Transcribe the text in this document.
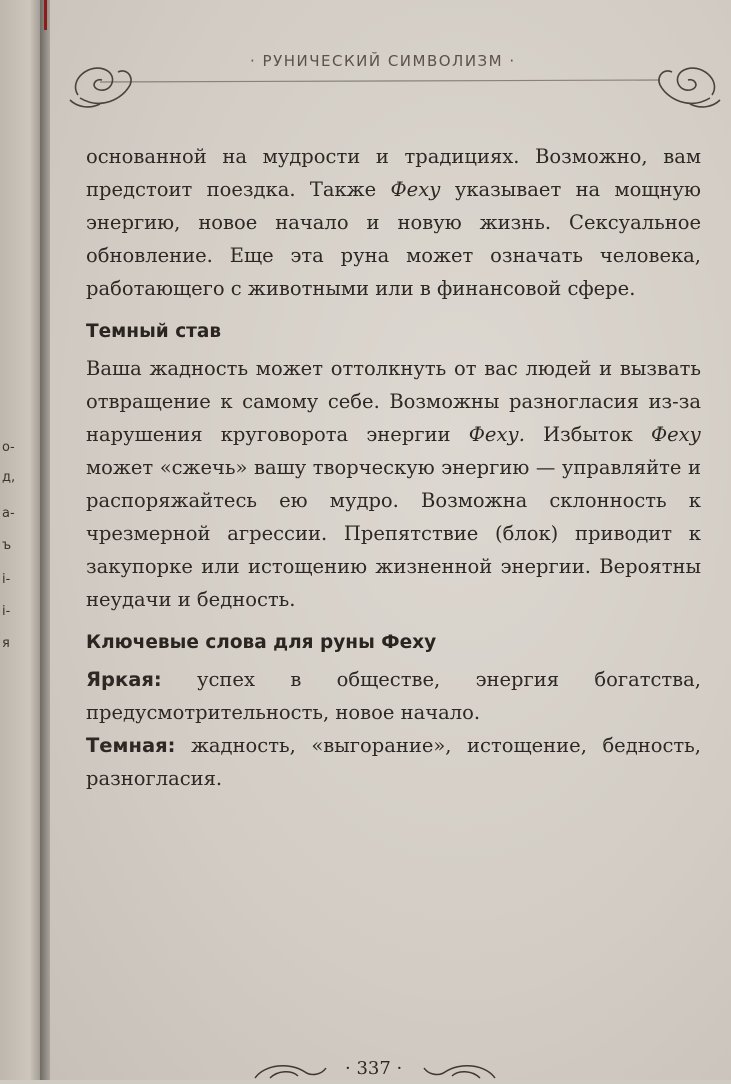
о-
д,
а-
ъ
і-
і-
я
· РУНИЧЕСКИЙ СИМВОЛИЗМ ·

основанной на мудрости и традициях. Возможно, вам предстоит поездка. Также Феху указывает на мощную энергию, новое начало и новую жизнь. Сексуальное обновление. Еще эта руна может означать человека, работающего с животными или в финансовой сфере.

Темный став

Ваша жадность может оттолкнуть от вас людей и вызвать отвращение к самому себе. Возможны разногласия из-за нарушения круговорота энергии Феху. Избыток Феху может «сжечь» вашу творческую энергию — управляйте и распоряжайтесь ею мудро. Возможна склонность к чрезмерной агрессии. Препятствие (блок) приводит к закупорке или истощению жизненной энергии. Вероятны неудачи и бедность.

Ключевые слова для руны Феху

Яркая: успех в обществе, энергия богатства, предусмотрительность, новое начало.

Темная: жадность, «выгорание», истощение, бедность, разногласия.

· 337 ·
